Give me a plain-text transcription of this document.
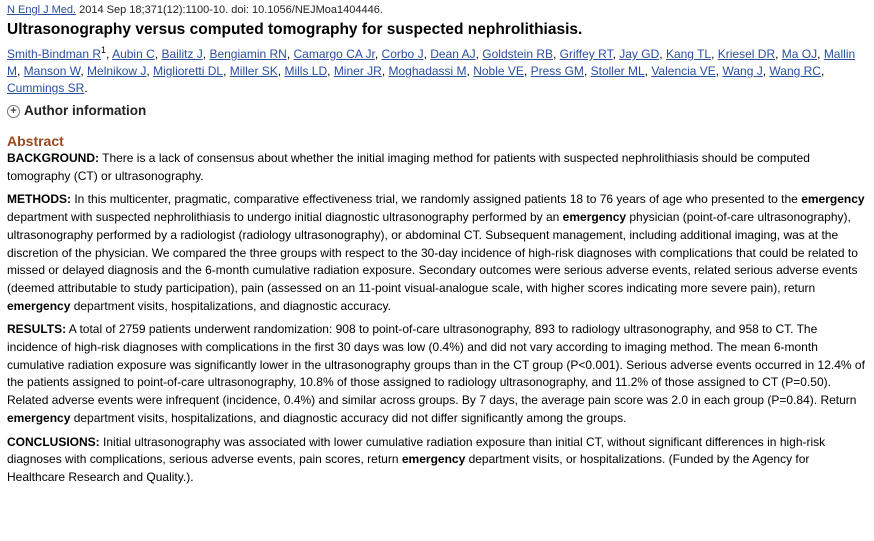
N Engl J Med. 2014 Sep 18;371(12):1100-10. doi: 10.1056/NEJMoa1404446.
Ultrasonography versus computed tomography for suspected nephrolithiasis.

Smith-Bindman $R^1$, Aubin C, Bailitz J, Bengiamin RN, Camargo CA Jr, Corbo J, Dean AJ, Goldstein RB, Griffey RT, Jay GD, Kang TL, Kriesel DR, Ma OJ, Mallin M, Manson W, Melnikow J, Miglioretti DL, Miller SK, Mills LD, Miner JR, Moghadassi M, Noble VE, Press GM, Stoller ML, Valencia VE, Wang J, Wang RC, Cummings SR.

+ Author information
Abstract

BACKGROUND: There is a lack of consensus about whether the initial imaging method for patients with suspected nephrolithiasis should be computed tomography (CT) or ultrasonography.

METHODS: In this multicenter, pragmatic, comparative effectiveness trial, we randomly assigned patients 18 to 76 years of age who presented to the emergency department with suspected nephrolithiasis to undergo initial diagnostic ultrasonography performed by an emergency physician (point-of-care ultrasonography), ultrasonography performed by a radiologist (radiology ultrasonography), or abdominal CT. Subsequent management, including additional imaging, was at the discretion of the physician. We compared the three groups with respect to the 30-day incidence of high-risk diagnoses with complications that could be related to missed or delayed diagnosis and the 6-month cumulative radiation exposure. Secondary outcomes were serious adverse events, related serious adverse events (deemed attributable to study participation), pain (assessed on an 11-point visual-analogue scale, with higher scores indicating more severe pain), return emergency department visits, hospitalizations, and diagnostic accuracy.

RESULTS: A total of 2759 patients underwent randomization: 908 to point-of-care ultrasonography, 893 to radiology ultrasonography, and 958 to CT. The incidence of high-risk diagnoses with complications in the first 30 days was low (0.4%) and did not vary according to imaging method. The mean 6-month cumulative radiation exposure was significantly lower in the ultrasonography groups than in the CT group (P<0.001). Serious adverse events occurred in 12.4% of the patients assigned to point-of-care ultrasonography, 10.8% of those assigned to radiology ultrasonography, and 11.2% of those assigned to CT (P=0.50). Related adverse events were infrequent (incidence, 0.4%) and similar across groups. By 7 days, the average pain score was 2.0 in each group (P=0.84). Return emergency department visits, hospitalizations, and diagnostic accuracy did not differ significantly among the groups.

CONCLUSIONS: Initial ultrasonography was associated with lower cumulative radiation exposure than initial CT, without significant differences in high-risk diagnoses with complications, serious adverse events, pain scores, return emergency department visits, or hospitalizations. (Funded by the Agency for Healthcare Research and Quality.).
